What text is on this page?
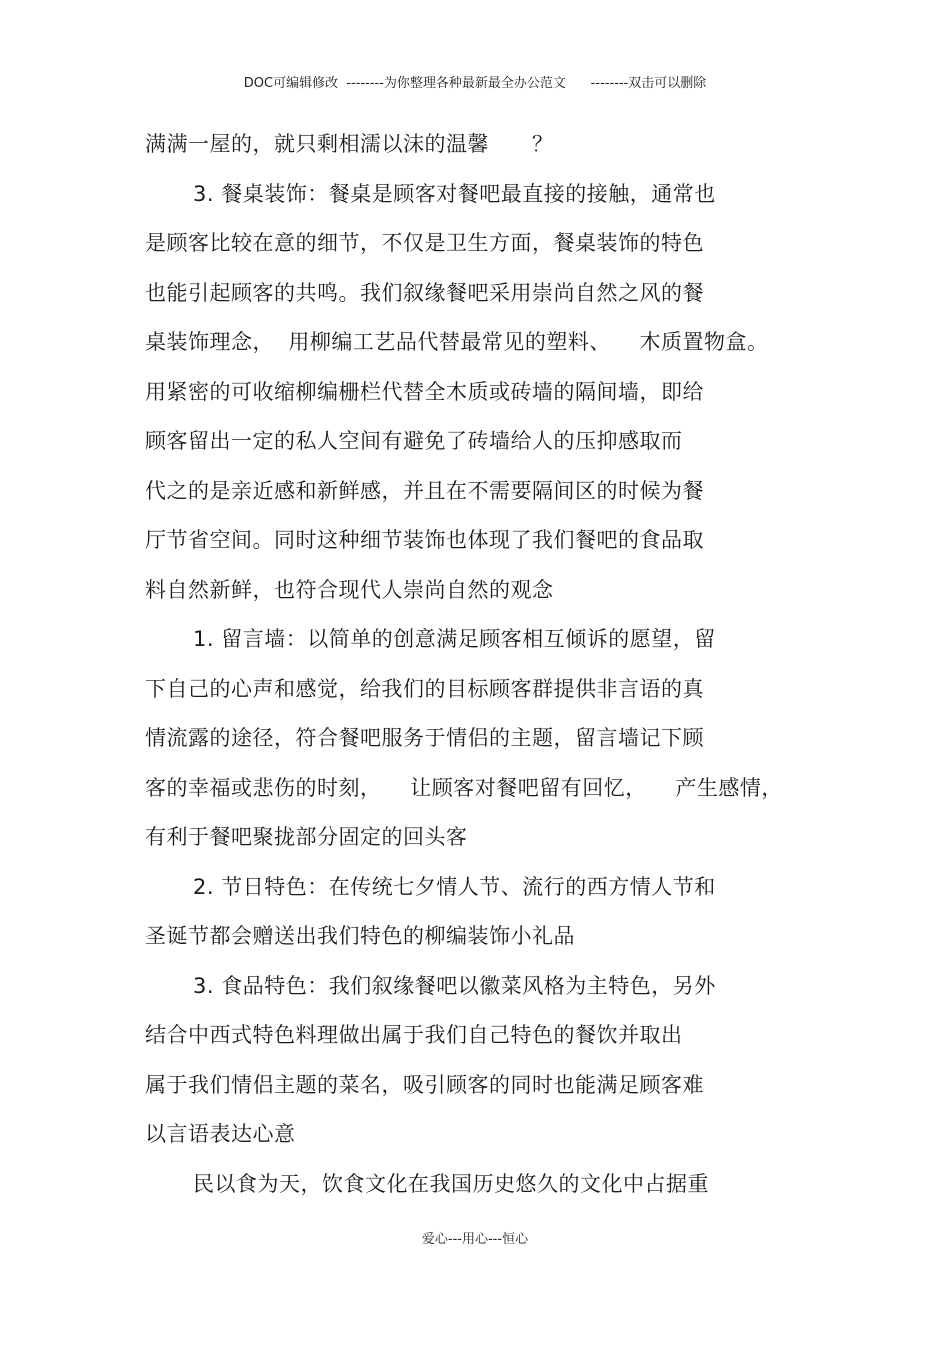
DOC可编辑修改  --------为你整理各种最新最全办公范文      --------双击可以删除
满满一屋的，就只剩相濡以沫的温馨      ？
3. 餐桌装饰：餐桌是顾客对餐吧最直接的接触，通常也
是顾客比较在意的细节，不仅是卫生方面，餐桌装饰的特色
也能引起顾客的共鸣。我们叙缘餐吧采用崇尚自然之风的餐
桌装饰理念，  用柳编工艺品代替最常见的塑料、    木质置物盒。
用紧密的可收缩柳编栅栏代替全木质或砖墙的隔间墙，即给
顾客留出一定的私人空间有避免了砖墙给人的压抑感取而
代之的是亲近感和新鲜感，并且在不需要隔间区的时候为餐
厅节省空间。同时这种细节装饰也体现了我们餐吧的食品取
料自然新鲜，也符合现代人崇尚自然的观念
1. 留言墙：以简单的创意满足顾客相互倾诉的愿望，留
下自己的心声和感觉，给我们的目标顾客群提供非言语的真
情流露的途径，符合餐吧服务于情侣的主题，留言墙记下顾
客的幸福或悲伤的时刻，    让顾客对餐吧留有回忆，    产生感情，
有利于餐吧聚拢部分固定的回头客
2. 节日特色：在传统七夕情人节、流行的西方情人节和
圣诞节都会赠送出我们特色的柳编装饰小礼品
3. 食品特色：我们叙缘餐吧以徽菜风格为主特色，另外
结合中西式特色料理做出属于我们自己特色的餐饮并取出
属于我们情侣主题的菜名，吸引顾客的同时也能满足顾客难
以言语表达心意
民以食为天，饮食文化在我国历史悠久的文化中占据重
爱心---用心---恒心
